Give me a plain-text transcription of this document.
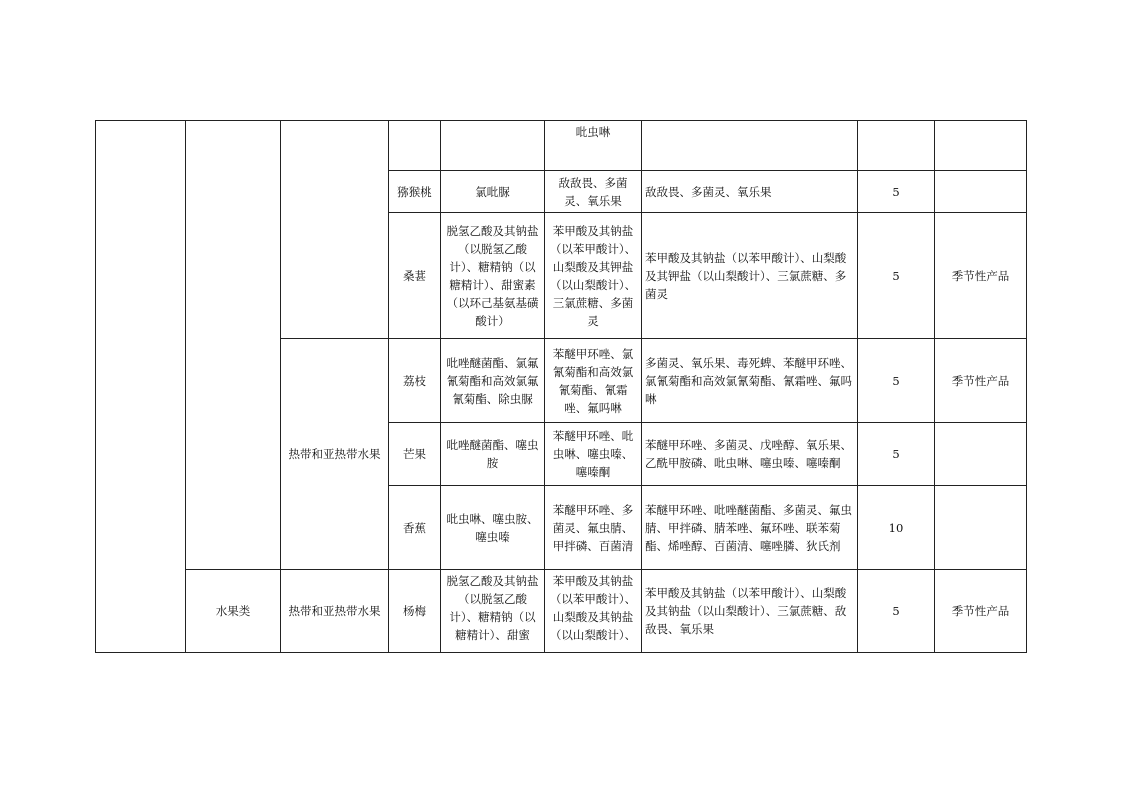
					吡虫啉			
			猕猴桃	氯吡脲	敌敌畏、多菌灵、氧乐果	敌敌畏、多菌灵、氧乐果	5	
			桑葚	脱氢乙酸及其钠盐（以脱氢乙酸计）、糖精钠（以糖精计）、甜蜜素（以环己基氨基磺酸计）	苯甲酸及其钠盐（以苯甲酸计）、山梨酸及其钾盐（以山梨酸计）、三氯蔗糖、多菌灵	苯甲酸及其钠盐（以苯甲酸计）、山梨酸及其钾盐（以山梨酸计）、三氯蔗糖、多菌灵	5	季节性产品
		热带和亚热带水果	荔枝	吡唑醚菌酯、氯氟氰菊酯和高效氯氟氰菊酯、除虫脲	苯醚甲环唑、氯氰菊酯和高效氯氰菊酯、氰霜唑、氟吗啉	多菌灵、氧乐果、毒死蜱、苯醚甲环唑、氯氰菊酯和高效氯氰菊酯、氰霜唑、氟吗啉	5	季节性产品
			芒果	吡唑醚菌酯、噻虫胺	苯醚甲环唑、吡虫啉、噻虫嗪、噻嗪酮	苯醚甲环唑、多菌灵、戊唑醇、氧乐果、乙酰甲胺磷、吡虫啉、噻虫嗪、噻嗪酮	5	
			香蕉	吡虫啉、噻虫胺、噻虫嗪	苯醚甲环唑、多菌灵、氟虫腈、甲拌磷、百菌清	苯醚甲环唑、吡唑醚菌酯、多菌灵、氟虫腈、甲拌磷、腈苯唑、氟环唑、联苯菊酯、烯唑醇、百菌清、噻唑膦、狄氏剂	10	
	水果类	热带和亚热带水果	杨梅	脱氢乙酸及其钠盐（以脱氢乙酸计）、糖精钠（以糖精计）、甜蜜	苯甲酸及其钠盐（以苯甲酸计）、山梨酸及其钠盐（以山梨酸计）、	苯甲酸及其钠盐（以苯甲酸计）、山梨酸及其钠盐（以山梨酸计）、三氯蔗糖、敌敌畏、氧乐果	5	季节性产品
